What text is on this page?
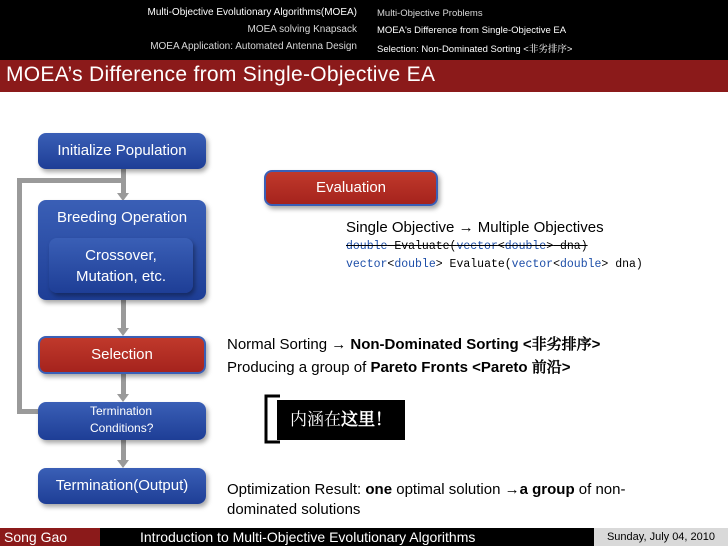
Multi-Objective Evolutionary Algorithms(MOEA)
MOEA solving Knapsack
MOEA Application: Automated Antenna Design
Multi-Objective Problems
MOEA's Difference from Single-Objective EA
Selection: Non-Dominated Sorting <非劣排序>
MOEA’s Difference from Single-Objective EA
Initialize Population
Breeding Operation
Crossover,
Mutation, etc.
Selection
Termination
Conditions?
Termination(Output)
Evaluation
Single Objective → Multiple Objectives
double Evaluate(vector<double> dna)
vector<double> Evaluate(vector<double> dna)
Normal Sorting → Non-Dominated Sorting <非劣排序>
Producing a group of Pareto Fronts <Pareto 前沿>
内涵在这里！
Optimization Result: one optimal solution →a group of non-
dominated solutions
Song Gao	Introduction to Multi-Objective Evolutionary Algorithms	Sunday, July 04, 2010
